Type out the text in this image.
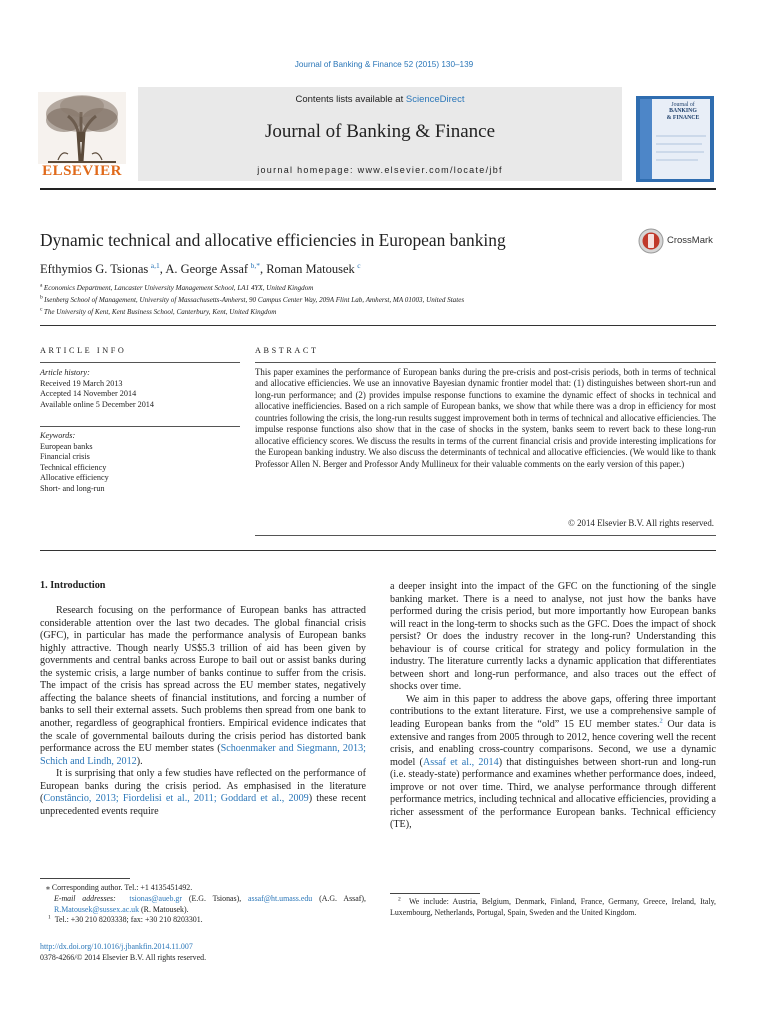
Journal of Banking & Finance 52 (2015) 130–139
ELSEVIER
Contents lists available at ScienceDirect
Journal of Banking & Finance
journal homepage: www.elsevier.com/locate/jbf
Journal of
BANKING
& FINANCE
Dynamic technical and allocative efficiencies in European banking	CrossMark
Efthymios G. Tsionas  $^{a,1}$, A. George Assaf  $^{b,*}$, Roman Matousek  $^c$
$^a$ Economics Department, Lancaster University Management School, LA1 4YX, United Kingdom
$^b$ Isenberg School of Management, University of Massachusetts-Amherst, 90 Campus Center Way, 209A Flint Lab, Amherst, MA 01003, United States
$^c$ The University of Kent, Kent Business School, Canterbury, Kent, United Kingdom
ARTICLE INFO	ABSTRACT
Article history:
Received 19 March 2013
Accepted 14 November 2014
Available online 5 December 2014
Keywords:
European banks
Financial crisis
Technical efficiency
Allocative efficiency
Short- and long-run
This paper examines the performance of European banks during the pre-crisis and post-crisis periods, both in terms of technical and allocative efficiencies. We use an innovative Bayesian dynamic frontier model that: (1) distinguishes between short-run and long-run performance; and (2) provides impulse response functions to examine the dynamic effect of shocks in technical and allocative inefficiencies. Based on a rich sample of European banks, we show that while there was a drop in efficiency for most countries following the crisis, the long-run results suggest improvement both in terms of technical and allocative efficiencies. The impulse response functions also show that in the case of shocks in the system, banks seem to revert back to these long-run allocative efficiency scores. We discuss the results in terms of the current financial crisis and provide interesting implications for the European banking industry. We also discuss the determinants of technical and allocative efficiencies. (We would like to thank Professor Allen N. Berger and Professor Andy Mullineux for their valuable comments on the early version of this paper.)
© 2014 Elsevier B.V. All rights reserved.
1. Introduction

Research focusing on the performance of European banks has attracted considerable attention over the last two decades. The global financial crisis (GFC), in particular has made the performance analysis of European banks highly attractive. Though nearly US$5.3 trillion of aid has been given by governments and central banks across Europe to bail out or assist banks during the systemic crisis, a large number of banks continue to suffer from the crisis. The impact of the crisis has spread across the EU member states, negatively affecting the balance sheets of financial institutions, and forcing a number of banks to sell their external assets. Such problems then spread from one bank to another, regardless of geographical frontiers. Empirical evidence indicates that the scale of governmental bailouts during the crisis period has distorted bank performance across the EU member states (Schoenmaker and Siegmann, 2013; Schich and Lindh, 2012).

It is surprising that only a few studies have reflected on the performance of European banks during the crisis period. As emphasised in the literature (Constâncio, 2013; Fiordelisi et al., 2011; Goddard et al., 2009) these recent unprecedented events require

a deeper insight into the impact of the GFC on the functioning of the single banking market. There is a need to analyse, not just how the banks have performed during the crisis period, but more importantly how European banks will react in the long-term to shocks such as the GFC. Does the impact of shock persist? Or does the industry recover in the long-run? Understanding this behaviour is of course critical for strategy and policy formulation in the industry. The literature currently lacks a dynamic application that differentiates between short and long-run performance, and also traces out the effect of shocks over time.

We aim in this paper to address the above gaps, offering three important contributions to the extant literature. First, we use a comprehensive sample of leading European banks from the “old” 15 EU member states.$^2$ Our data is extensive and ranges from 2005 through to 2012, hence covering well the recent crisis, and enabling cross-country comparisons. Second, we use a dynamic model (Assaf et al., 2014) that distinguishes between short-run and long-run (i.e. steady-state) performance and examines whether performance does, indeed, improve or not over time. Third, we analyse performance through different performance metrics, including technical and allocative efficiencies, providing a richer assessment of the performance European banks. Technical efficiency (TE),

⁎ Corresponding author. Tel.: +1 4135451492.
E-mail addresses: tsionas@aueb.gr (E.G. Tsionas), assaf@ht.umass.edu (A.G. Assaf), R.Matousek@sussex.ac.uk (R. Matousek).
$^1$ Tel.: +30 210 8203338; fax: +30 210 8203301.
http://dx.doi.org/10.1016/j.jbankfin.2014.11.007
0378-4266/© 2014 Elsevier B.V. All rights reserved.
$^2$ We include: Austria, Belgium, Denmark, Finland, France, Germany, Greece, Ireland, Italy, Luxembourg, Netherlands, Portugal, Spain, Sweden and the United Kingdom.
